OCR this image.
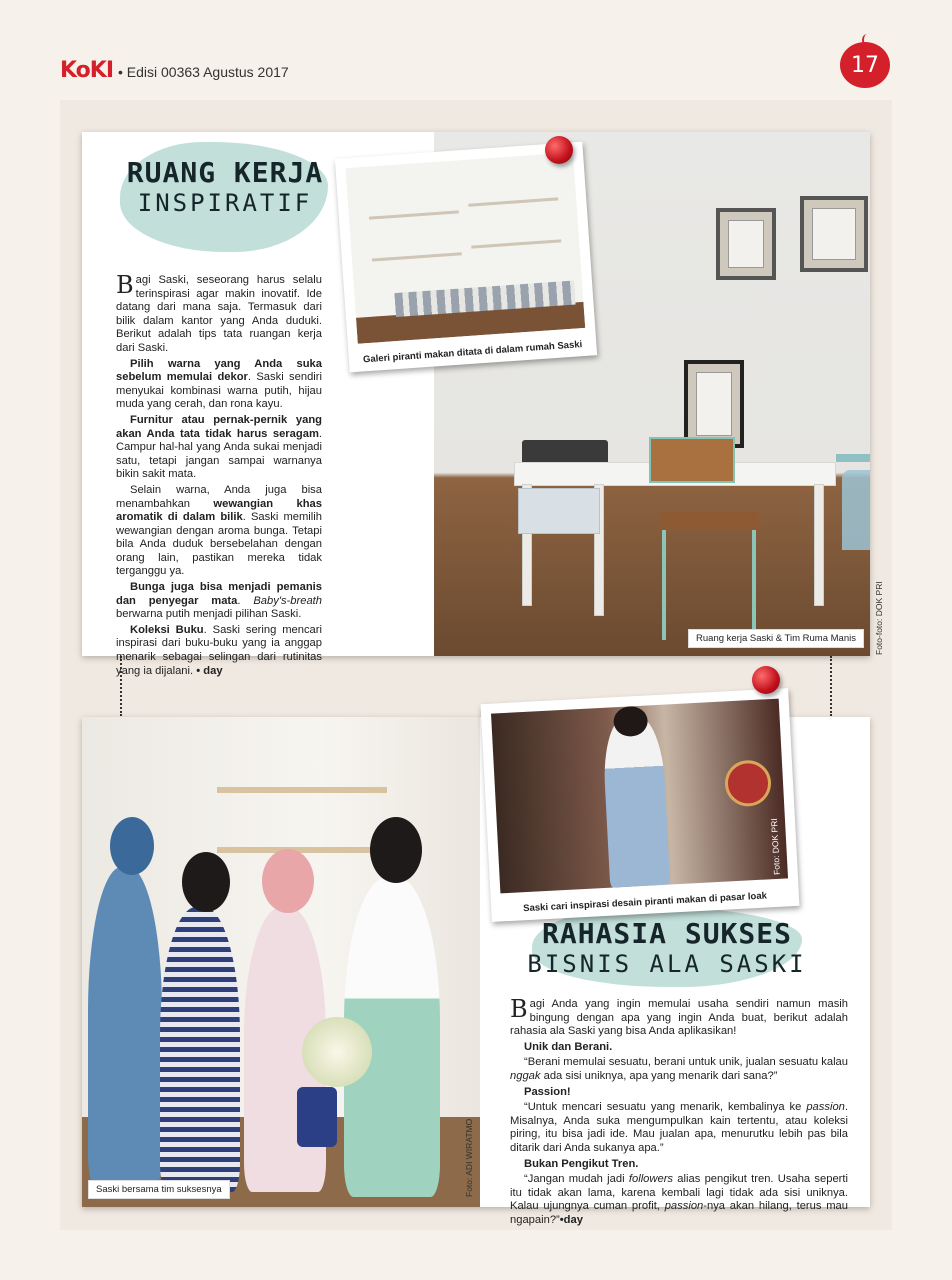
KoKI • Edisi 00363 Agustus 2017	17
RUANG KERJA
INSPIRATIF

Bagi Saski, seseorang harus selalu terinspirasi agar makin inovatif. Ide datang dari mana saja. Termasuk dari bilik dalam kantor yang Anda duduki. Berikut adalah tips tata ruangan kerja dari Saski.

Pilih warna yang Anda suka sebelum memulai dekor. Saski sendiri menyukai kombinasi warna putih, hijau muda yang cerah, dan rona kayu.

Furnitur atau pernak-pernik yang akan Anda tata tidak harus seragam. Campur hal-hal yang Anda sukai menjadi satu, tetapi jangan sampai warnanya bikin sakit mata.

Selain warna, Anda juga bisa menambahkan wewangian khas aromatik di dalam bilik. Saski memilih wewangian dengan aroma bunga. Tetapi bila Anda duduk bersebelahan dengan orang lain, pastikan mereka tidak terganggu ya.

Bunga juga bisa menjadi pemanis dan penyegar mata. Baby's-breath berwarna putih menjadi pilihan Saski.

Koleksi Buku. Saski sering mencari inspirasi dari buku-buku yang ia anggap menarik sebagai selingan dari rutinitas yang ia dijalani. • day

Ruang kerja Saski & Tim Ruma Manis	Foto-foto: DOK PRI
Galeri piranti makan ditata di dalam rumah Saski
Saski bersama tim suksesnya	Foto: ADI WIRATMO
RAHASIA SUKSES
BISNIS ALA SASKI

Bagi Anda yang ingin memulai usaha sendiri namun masih bingung dengan apa yang ingin Anda buat, berikut adalah rahasia ala Saski yang bisa Anda aplikasikan!

Unik dan Berani.

“Berani memulai sesuatu, berani untuk unik, jualan sesuatu kalau nggak ada sisi uniknya, apa yang menarik dari sana?”

Passion!

“Untuk mencari sesuatu yang menarik, kembalinya ke passion. Misalnya, Anda suka mengumpulkan kain tertentu, atau koleksi piring, itu bisa jadi ide. Mau jualan apa, menurutku lebih pas bila ditarik dari Anda sukanya apa.”

Bukan Pengikut Tren.

“Jangan mudah jadi followers alias pengikut tren. Usaha seperti itu tidak akan lama, karena kembali lagi tidak ada sisi uniknya. Kalau ujungnya cuman profit, passion-nya akan hilang, terus mau ngapain?”•day

Foto: DOK PRI
Saski cari inspirasi desain piranti makan di pasar loak
